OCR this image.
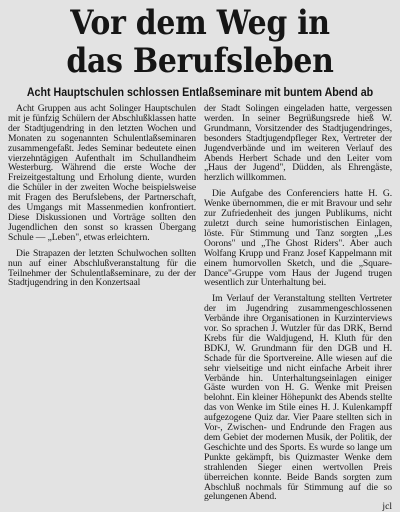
Vor dem Weg in
das Berufsleben
Acht Hauptschulen schlossen Entlaßseminare mit buntem Abend ab

Acht Gruppen aus acht Solinger Hauptschulen mit je fünfzig Schülern der Abschlußklassen hatte der Stadtjugendring in den letzten Wochen und Monaten zu sogenannten Schulentlaßseminaren zusammengefaßt. Jedes Seminar bedeutete einen vierzehntägigen Aufenthalt im Schullandheim Westerburg. Während die erste Woche der Freizeitgestaltung und Erholung diente, wurden die Schüler in der zweiten Woche beispielsweise mit Fragen des Berufslebens, der Partnerschaft, des Umgangs mit Massenmedien konfrontiert. Diese Diskussionen und Vorträge sollten den Jugendlichen den sonst so krassen Übergang Schule — „Leben", etwas erleichtern.

Die Strapazen der letzten Schulwochen sollten nun auf einer Abschlußveranstaltung für die Teilnehmer der Schulentlaßseminare, zu der der Stadtjugendring in den Konzertsaal

der Stadt Solingen eingeladen hatte, vergessen werden. In seiner Begrüßungsrede hieß W. Grundmann, Vorsitzender des Stadtjugendringes, besonders Stadtjugendpfleger Rex, Vertreter der Jugendverbände und im weiteren Verlauf des Abends Herbert Schade und den Leiter vom „Haus der Jugend", Düdden, als Ehrengäste, herzlich willkommen.

Die Aufgabe des Conferenciers hatte H. G. Wenke übernommen, die er mit Bravour und sehr zur Zufriedenheit des jungen Publikums, nicht zuletzt durch seine humoristischen Einlagen, löste. Für Stimmung und Tanz sorgten „Les Oorons" und „The Ghost Riders". Aber auch Wolfang Krupp und Franz Josef Kappelmann mit einem humorvollen Sketch, und die „Square-Dance"-Gruppe vom Haus der Jugend trugen wesentlich zur Unterhaltung bei.

Im Verlauf der Veranstaltung stellten Vertreter der im Jugendring zusammengeschlossenen Verbände ihre Organisationen in Kurzinterviews vor. So sprachen J. Wutzler für das DRK, Bernd Krebs für die Waldjugend, H. Kluth für den BDKJ, W. Grundmann für den DGB und H. Schade für die Sportvereine. Alle wiesen auf die sehr vielseitige und nicht einfache Arbeit ihrer Verbände hin. Unterhaltungseinlagen einiger Gäste wurden von H. G. Wenke mit Preisen belohnt. Ein kleiner Höhepunkt des Abends stellte das von Wenke im Stile eines H. J. Kulenkampff aufgezogene Quiz dar. Vier Paare stellten sich in Vor-, Zwischen- und Endrunde den Fragen aus dem Gebiet der modernen Musik, der Politik, der Geschichte und des Sports. Es wurde so lange um Punkte gekämpft, bis Quizmaster Wenke dem strahlenden Sieger einen wertvollen Preis überreichen konnte. Beide Bands sorgten zum Abschluß nochmals für Stimmung auf die so gelungenen Abend.

jcl
